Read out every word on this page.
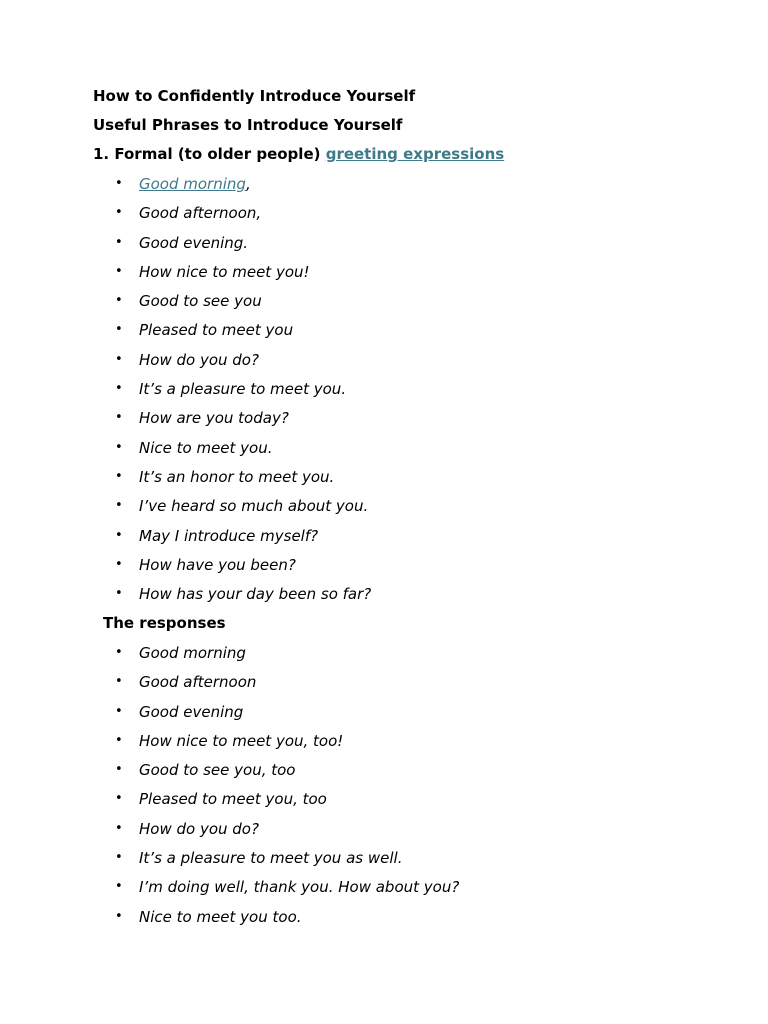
How to Confidently Introduce Yourself
Useful Phrases to Introduce Yourself
1. Formal (to older people) greeting expressions
• Good morning,
• Good afternoon,
• Good evening.
• How nice to meet you!
• Good to see you
• Pleased to meet you
• How do you do?
• It’s a pleasure to meet you.
• How are you today?
• Nice to meet you.
• It’s an honor to meet you.
• I’ve heard so much about you.
• May I introduce myself?
• How have you been?
• How has your day been so far?
The responses
• Good morning
• Good afternoon
• Good evening
• How nice to meet you, too!
• Good to see you, too
• Pleased to meet you, too
• How do you do?
• It’s a pleasure to meet you as well.
• I’m doing well, thank you. How about you?
• Nice to meet you too.
